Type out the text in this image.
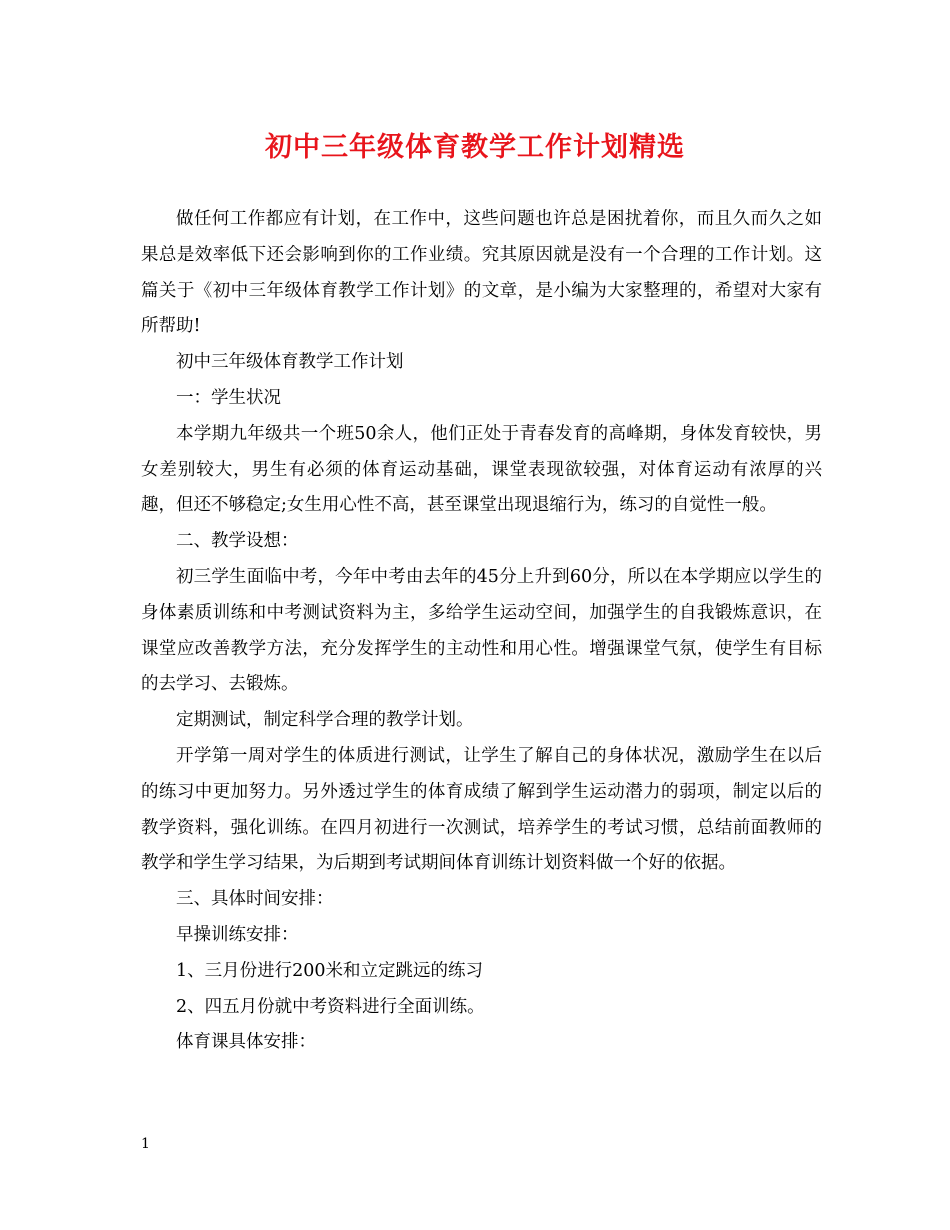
初中三年级体育教学工作计划精选

做任何工作都应有计划，在工作中，这些问题也许总是困扰着你，而且久而久之如果总是效率低下还会影响到你的工作业绩。究其原因就是没有一个合理的工作计划。这篇关于《初中三年级体育教学工作计划》的文章，是小编为大家整理的，希望对大家有所帮助!

初中三年级体育教学工作计划

一：学生状况

本学期九年级共一个班50余人，他们正处于青春发育的高峰期，身体发育较快，男女差别较大，男生有必须的体育运动基础，课堂表现欲较强，对体育运动有浓厚的兴趣，但还不够稳定;女生用心性不高，甚至课堂出现退缩行为，练习的自觉性一般。

二、教学设想：

初三学生面临中考，今年中考由去年的45分上升到60分，所以在本学期应以学生的身体素质训练和中考测试资料为主，多给学生运动空间，加强学生的自我锻炼意识，在课堂应改善教学方法，充分发挥学生的主动性和用心性。增强课堂气氛，使学生有目标的去学习、去锻炼。

定期测试，制定科学合理的教学计划。

开学第一周对学生的体质进行测试，让学生了解自己的身体状况，激励学生在以后的练习中更加努力。另外透过学生的体育成绩了解到学生运动潜力的弱项，制定以后的教学资料，强化训练。在四月初进行一次测试，培养学生的考试习惯，总结前面教师的教学和学生学习结果，为后期到考试期间体育训练计划资料做一个好的依据。

三、具体时间安排：

早操训练安排：

1、三月份进行200米和立定跳远的练习

2、四五月份就中考资料进行全面训练。

体育课具体安排：

1
